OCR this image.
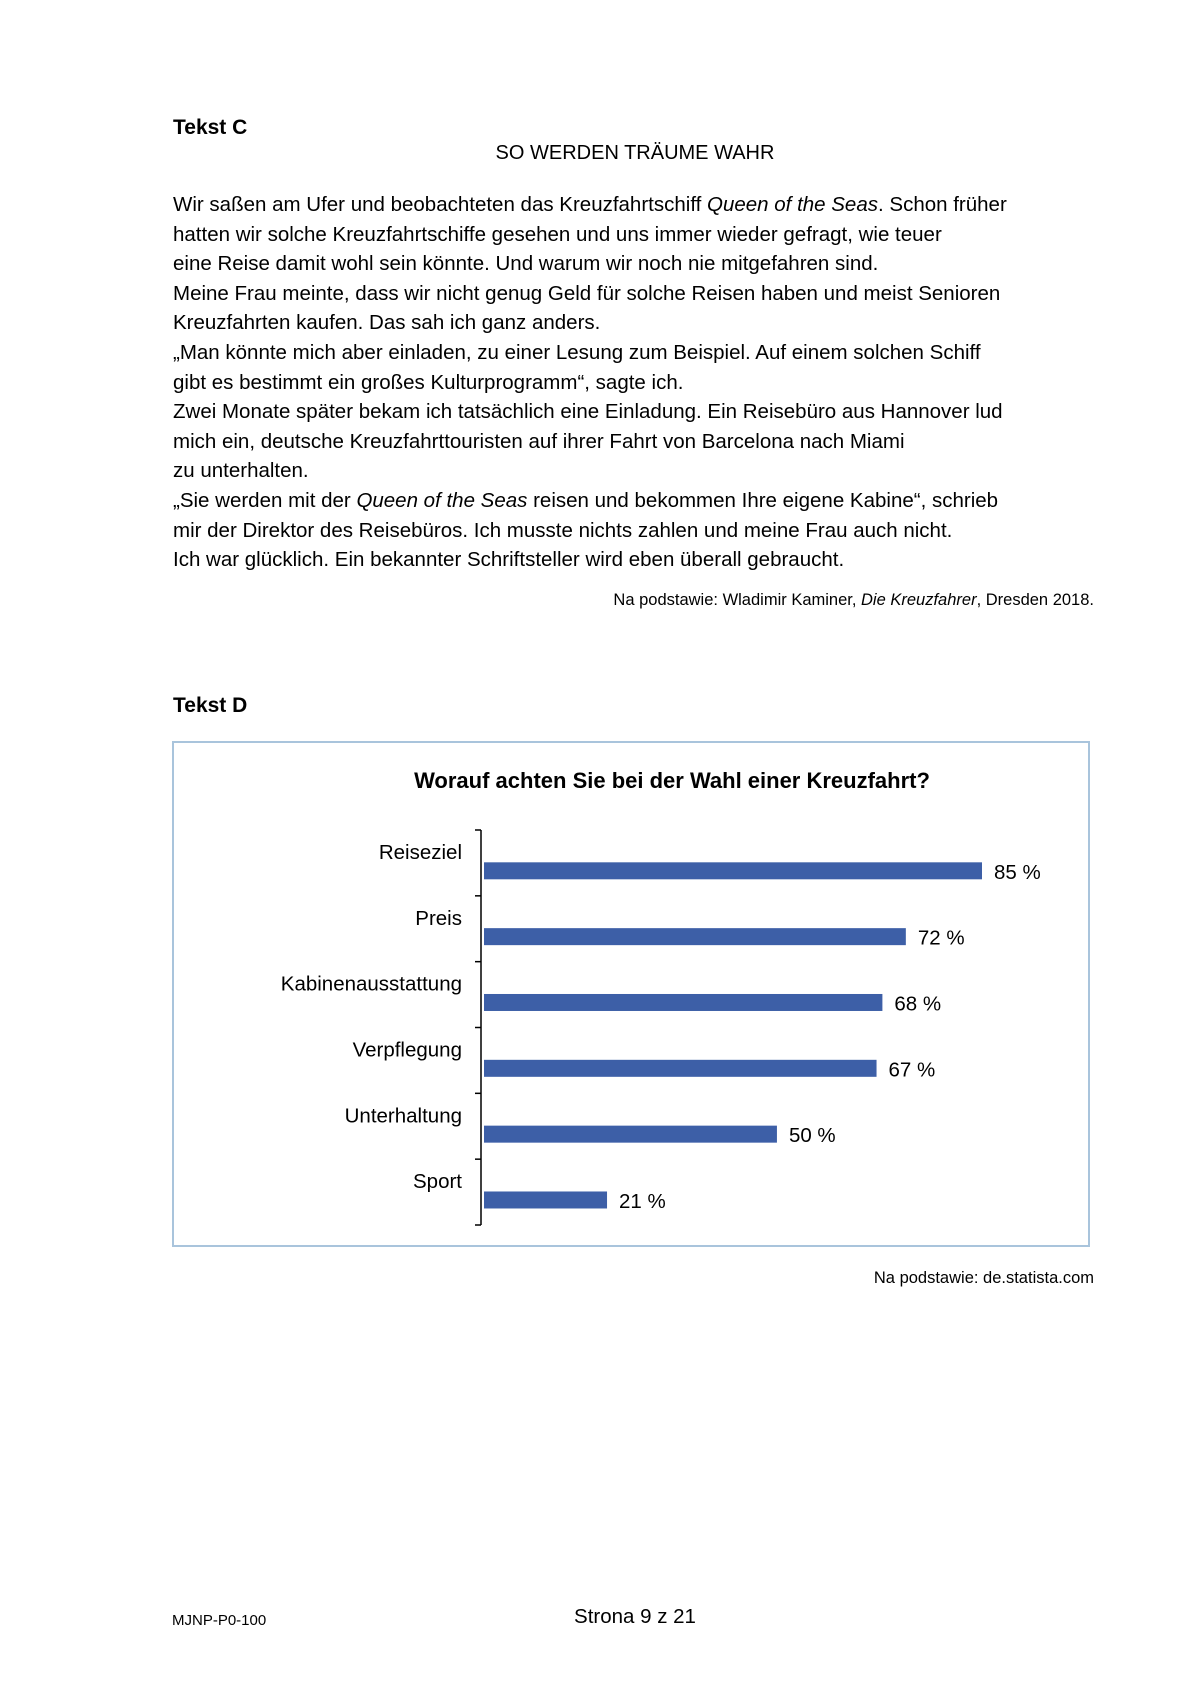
Tekst C
SO WERDEN TRÄUME WAHR
Wir saßen am Ufer und beobachteten das Kreuzfahrtschiff Queen of the Seas. Schon früher
hatten wir solche Kreuzfahrtschiffe gesehen und uns immer wieder gefragt, wie teuer
eine Reise damit wohl sein könnte. Und warum wir noch nie mitgefahren sind.
Meine Frau meinte, dass wir nicht genug Geld für solche Reisen haben und meist Senioren
Kreuzfahrten kaufen. Das sah ich ganz anders.
„Man könnte mich aber einladen, zu einer Lesung zum Beispiel. Auf einem solchen Schiff
gibt es bestimmt ein großes Kulturprogramm“, sagte ich.
Zwei Monate später bekam ich tatsächlich eine Einladung. Ein Reisebüro aus Hannover lud
mich ein, deutsche Kreuzfahrttouristen auf ihrer Fahrt von Barcelona nach Miami
zu unterhalten.
„Sie werden mit der Queen of the Seas reisen und bekommen Ihre eigene Kabine“, schrieb
mir der Direktor des Reisebüros. Ich musste nichts zahlen und meine Frau auch nicht.
Ich war glücklich. Ein bekannter Schriftsteller wird eben überall gebraucht.
Na podstawie: Wladimir Kaminer, Die Kreuzfahrer, Dresden 2018.
Tekst D
Worauf achten Sie bei der Wahl einer Kreuzfahrt?
Reiseziel
Preis
Kabinenausstattung
Verpflegung
Unterhaltung
Sport
85 %
72 %
68 %
67 %
50 %
21 %
Na podstawie: de.statista.com
MJNP-P0-100	Strona 9 z 21
